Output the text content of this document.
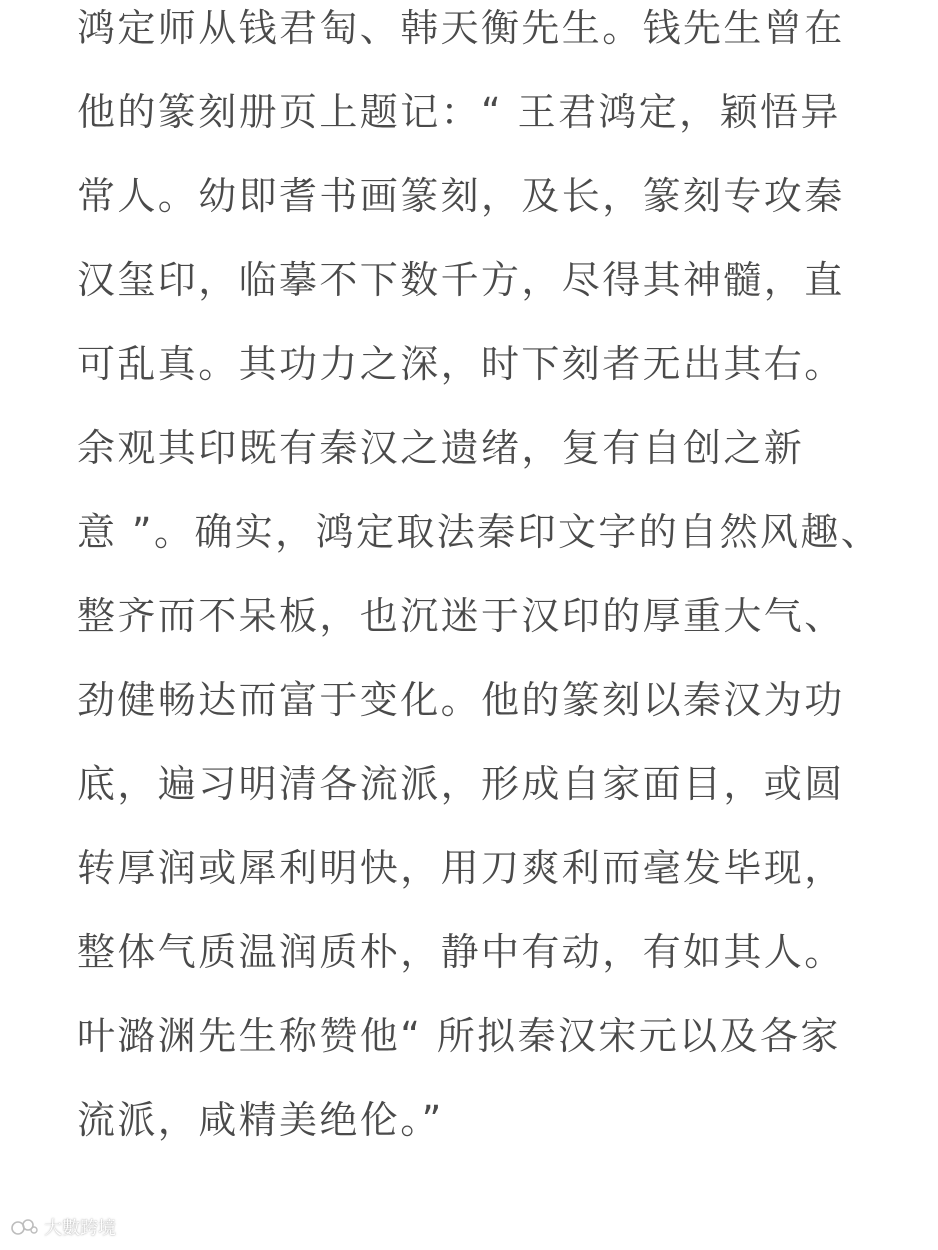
鸿定师从钱君匋、韩天衡先生。钱先生曾在
他的篆刻册页上题记：“ 王君鸿定，颖悟异
常人。幼即耆书画篆刻，及长，篆刻专攻秦
汉玺印，临摹不下数千方，尽得其神髓，直
可乱真。其功力之深，时下刻者无出其右。
余观其印既有秦汉之遗绪，复有自创之新
意 ”。确实，鸿定取法秦印文字的自然风趣、
整齐而不呆板，也沉迷于汉印的厚重大气、
劲健畅达而富于变化。他的篆刻以秦汉为功
底，遍习明清各流派，形成自家面目，或圆
转厚润或犀利明快，用刀爽利而毫发毕现，
整体气质温润质朴，静中有动，有如其人。
叶潞渊先生称赞他“ 所拟秦汉宋元以及各家
流派，咸精美绝伦。”
大數跨境
